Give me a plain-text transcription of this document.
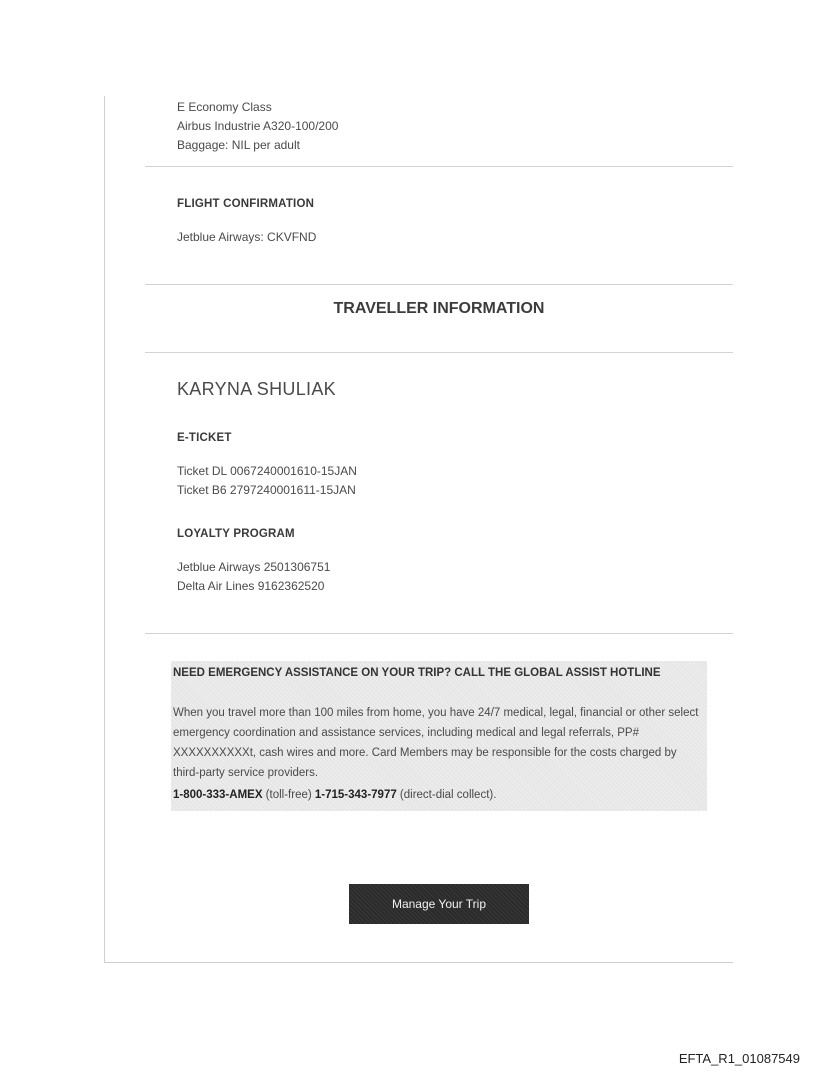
E Economy Class
Airbus Industrie A320-100/200
Baggage: NIL per adult
FLIGHT CONFIRMATION
Jetblue Airways: CKVFND
TRAVELLER INFORMATION
KARYNA SHULIAK
E-TICKET
Ticket DL 0067240001610-15JAN
Ticket B6 2797240001611-15JAN
LOYALTY PROGRAM
Jetblue Airways 2501306751
Delta Air Lines 9162362520
NEED EMERGENCY ASSISTANCE ON YOUR TRIP? CALL THE GLOBAL ASSIST HOTLINE
When you travel more than 100 miles from home, you have 24/7 medical, legal, financial or other select emergency coordination and assistance services, including medical and legal referrals, PP# XXXXXXXXXXt, cash wires and more. Card Members may be responsible for the costs charged by third-party service providers.
1-800-333-AMEX (toll-free) 1-715-343-7977 (direct-dial collect).
Manage Your Trip
EFTA_R1_01087549
